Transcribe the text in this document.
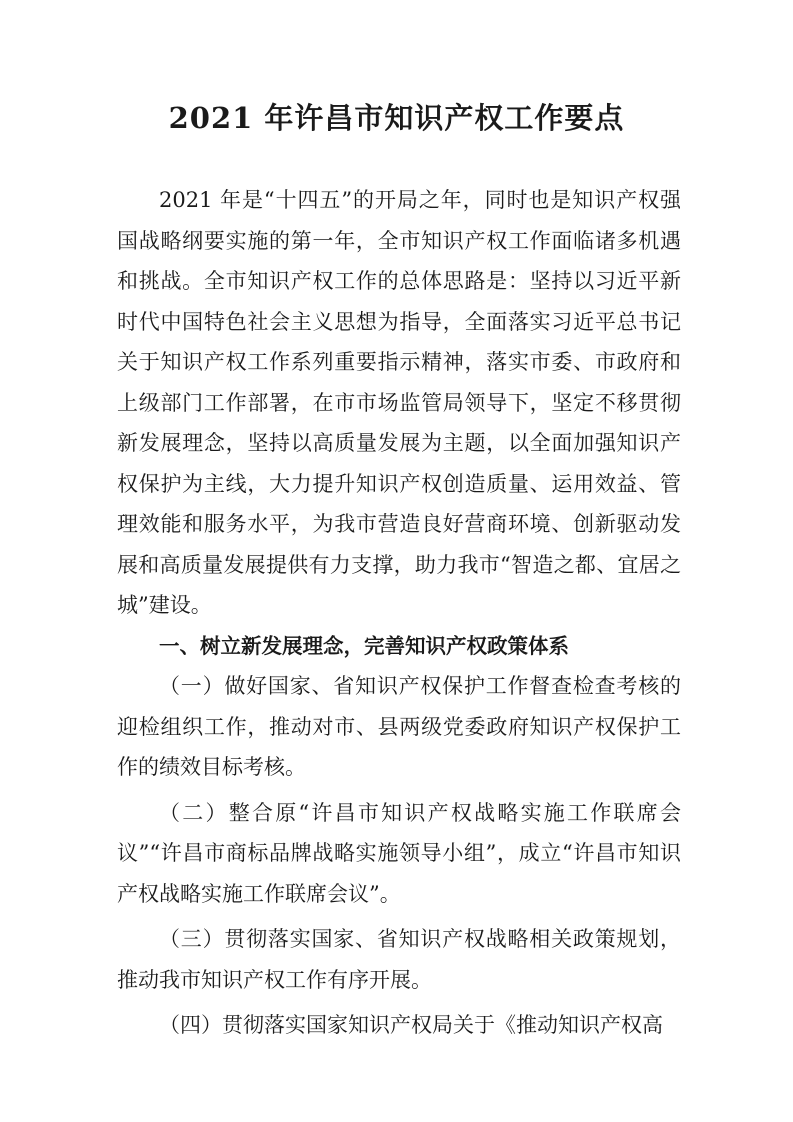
2021 年许昌市知识产权工作要点

2021 年是“十四五”的开局之年，同时也是知识产权强国战略纲要实施的第一年，全市知识产权工作面临诸多机遇和挑战。全市知识产权工作的总体思路是：坚持以习近平新时代中国特色社会主义思想为指导，全面落实习近平总书记关于知识产权工作系列重要指示精神，落实市委、市政府和上级部门工作部署，在市市场监管局领导下，坚定不移贯彻新发展理念，坚持以高质量发展为主题，以全面加强知识产权保护为主线，大力提升知识产权创造质量、运用效益、管理效能和服务水平，为我市营造良好营商环境、创新驱动发展和高质量发展提供有力支撑，助力我市“智造之都、宜居之城”建设。

一、树立新发展理念，完善知识产权政策体系

（一）做好国家、省知识产权保护工作督查检查考核的迎检组织工作，推动对市、县两级党委政府知识产权保护工作的绩效目标考核。

（二）整合原“许昌市知识产权战略实施工作联席会议”“许昌市商标品牌战略实施领导小组”，成立“许昌市知识产权战略实施工作联席会议”。

（三）贯彻落实国家、省知识产权战略相关政策规划，推动我市知识产权工作有序开展。

（四）贯彻落实国家知识产权局关于《推动知识产权高
